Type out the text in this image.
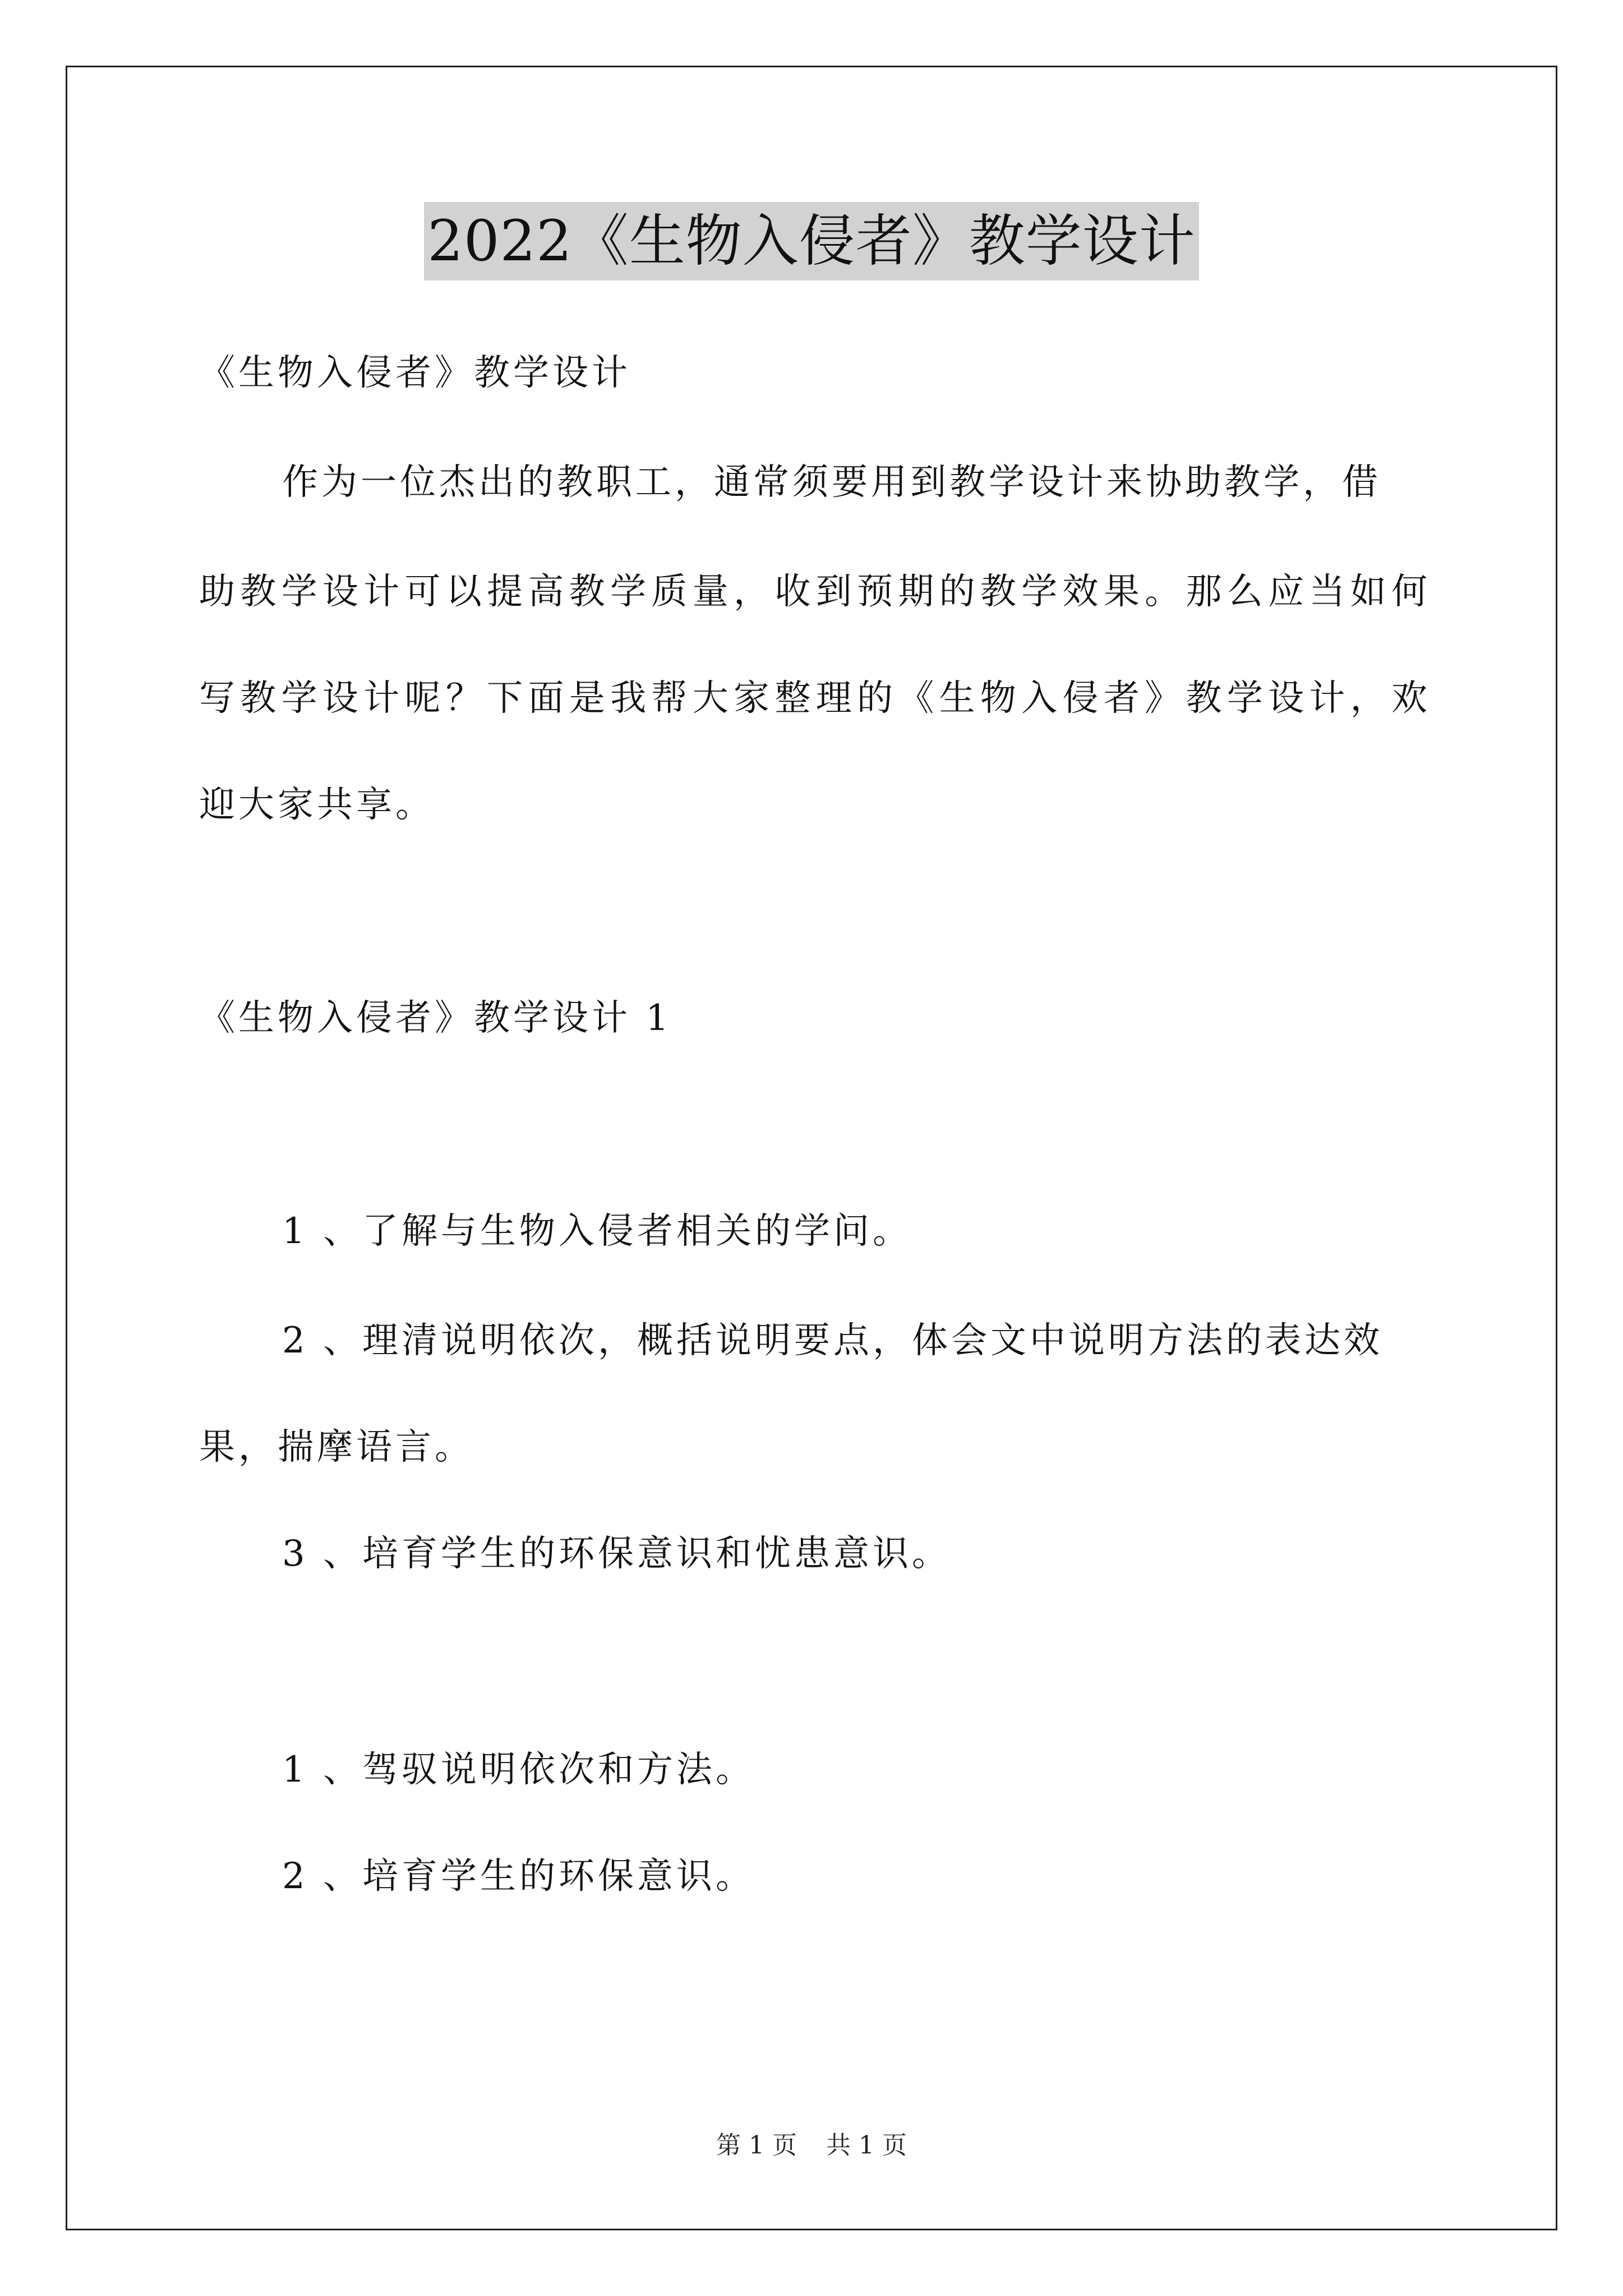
2022《生物入侵者》教学设计
《生物入侵者》教学设计
作为一位杰出的教职工，通常须要用到教学设计来协助教学，借
助教学设计可以提高教学质量，收到预期的教学效果。那么应当如何
写教学设计呢？下面是我帮大家整理的《生物入侵者》教学设计，欢
迎大家共享。
《生物入侵者》教学设计 1
1 、了解与生物入侵者相关的学问。
2 、理清说明依次，概括说明要点，体会文中说明方法的表达效
果，揣摩语言。
3 、培育学生的环保意识和忧患意识。
1 、驾驭说明依次和方法。
2 、培育学生的环保意识。
第 1 页 共 1 页
